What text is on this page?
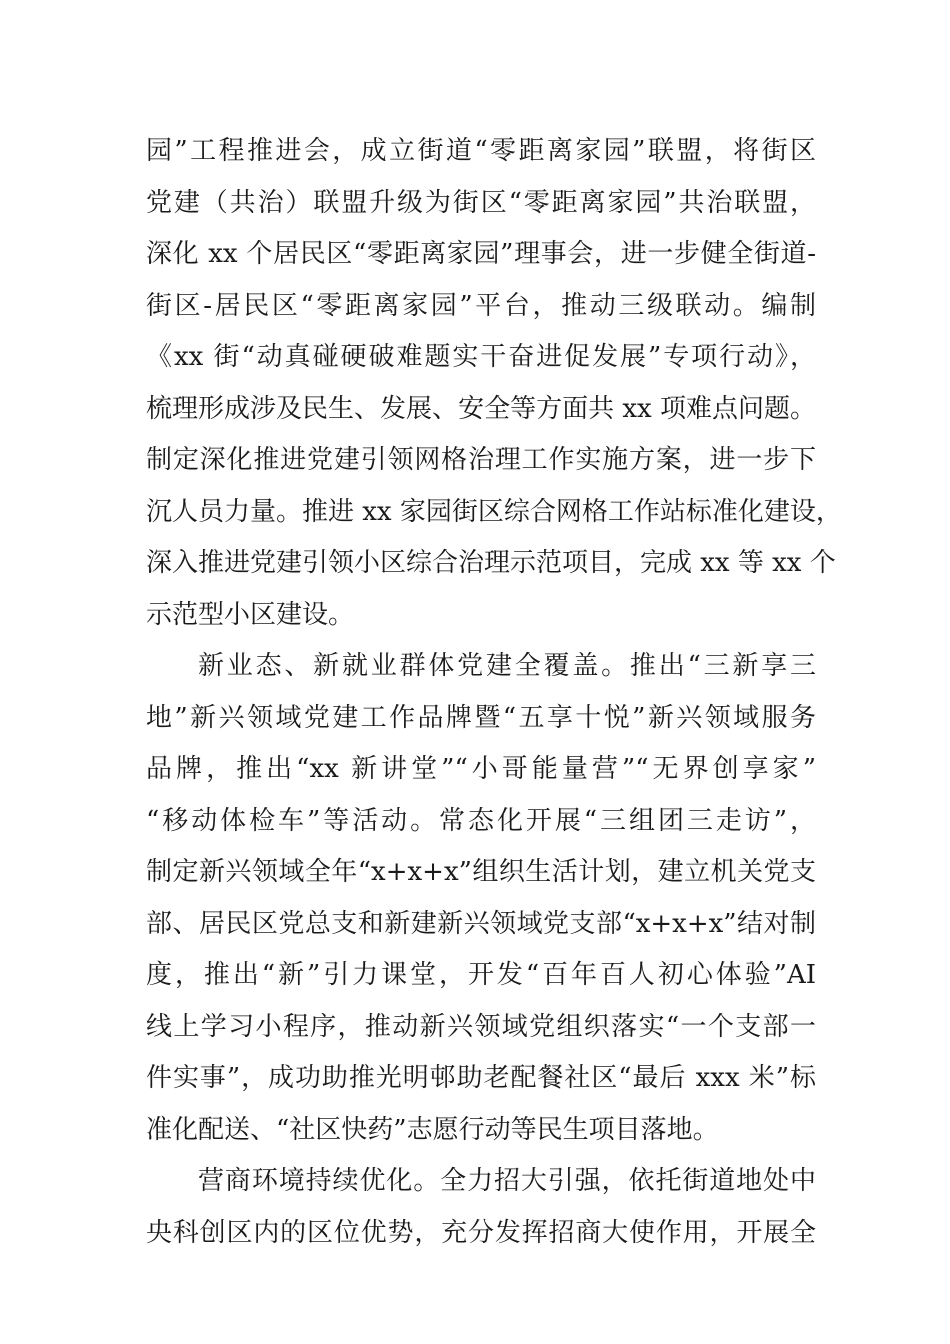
园”工程推进会，成立街道“零距离家园”联盟，将街区
党建（共治）联盟升级为街区“零距离家园”共治联盟，
深化 xx 个居民区“零距离家园”理事会，进一步健全街道-
街区-居民区“零距离家园”平台，推动三级联动。编制
《xx 街“动真碰硬破难题实干奋进促发展”专项行动》，
梳理形成涉及民生、发展、安全等方面共 xx 项难点问题。
制定深化推进党建引领网格治理工作实施方案，进一步下
沉人员力量。推进 xx 家园街区综合网格工作站标准化建设，
深入推进党建引领小区综合治理示范项目，完成 xx 等 xx 个
示范型小区建设。
新业态、新就业群体党建全覆盖。推出“三新享三
地”新兴领域党建工作品牌暨“五享十悦”新兴领域服务
品牌，推出“xx 新讲堂”“小哥能量营”“无界创享家”
“移动体检车”等活动。常态化开展“三组团三走访”，
制定新兴领域全年“x+x+x”组织生活计划，建立机关党支
部、居民区党总支和新建新兴领域党支部“x+x+x”结对制
度，推出“新”引力课堂，开发“百年百人初心体验”AI
线上学习小程序，推动新兴领域党组织落实“一个支部一
件实事”，成功助推光明邨助老配餐社区“最后 xxx 米”标
准化配送、“社区快药”志愿行动等民生项目落地。
营商环境持续优化。全力招大引强，依托街道地处中
央科创区内的区位优势，充分发挥招商大使作用，开展全
